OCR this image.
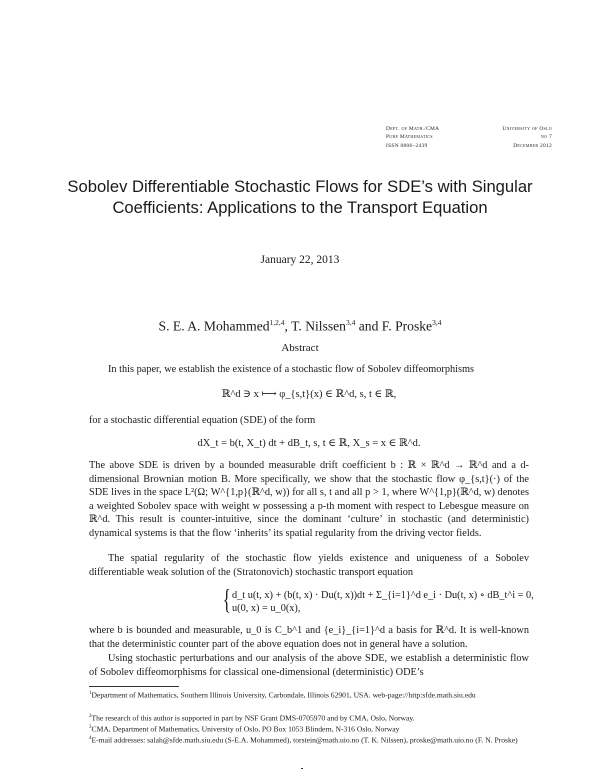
Dept. of Math./CMA
Pure Mathematics
ISSN 0806–2439
University of Oslo
no 7
December 2012
Sobolev Differentiable Stochastic Flows for SDE’s with Singular Coefficients: Applications to the Transport Equation
January 22, 2013
S. E. A. Mohammed$^{1,2,4}$, T. Nilssen$^{3,4}$ and F. Proske$^{3,4}$
Abstract
In this paper, we establish the existence of a stochastic flow of Sobolev diffeomorphisms
ℝ^d ∋ x ⟼ φ_{s,t}(x) ∈ ℝ^d, s, t ∈ ℝ,
for a stochastic differential equation (SDE) of the form
dX_t = b(t, X_t) dt + dB_t, s, t ∈ ℝ, X_s = x ∈ ℝ^d.
The above SDE is driven by a bounded measurable drift coefficient b : ℝ × ℝ^d → ℝ^d and a d-dimensional Brownian motion B. More specifically, we show that the stochastic flow φ_{s,t}(·) of the SDE lives in the space L²(Ω; W^{1,p}(ℝ^d, w)) for all s, t and all p > 1, where W^{1,p}(ℝ^d, w) denotes a weighted Sobolev space with weight w possessing a p-th moment with respect to Lebesgue measure on ℝ^d. This result is counter-intuitive, since the dominant ‘culture’ in stochastic (and deterministic) dynamical systems is that the flow ‘inherits’ its spatial regularity from the driving vector fields.
The spatial regularity of the stochastic flow yields existence and uniqueness of a Sobolev differentiable weak solution of the (Stratonovich) stochastic transport equation
{ d_t u(t, x) + (b(t, x) · Du(t, x))dt + Σ_{i=1}^d e_i · Du(t, x) ∘ dB_t^i = 0,
u(0, x) = u_0(x),
where b is bounded and measurable, u_0 is C_b^1 and {e_i}_{i=1}^d a basis for ℝ^d. It is well-known that the deterministic counter part of the above equation does not in general have a solution.
Using stochastic perturbations and our analysis of the above SDE, we establish a deterministic flow of Sobolev diffeomorphisms for classical one-dimensional (deterministic) ODE’s
$^1$Department of Mathematics, Southern Illinois University, Carbondale, Illinois 62901, USA. web-page://http:sfde.math.siu.edu
$^2$The research of this author is supported in part by NSF Grant DMS-0705970 and by CMA, Oslo, Norway.
$^3$CMA, Department of Mathematics, University of Oslo, PO Box 1053 Blindern, N-316 Oslo, Norway
$^4$E-mail addresses: salah@sfde.math.siu.edu (S-E.A. Mohammed), torstein@math.uio.no (T. K. Nilssen), proske@math.uio.no (F. N. Proske)
